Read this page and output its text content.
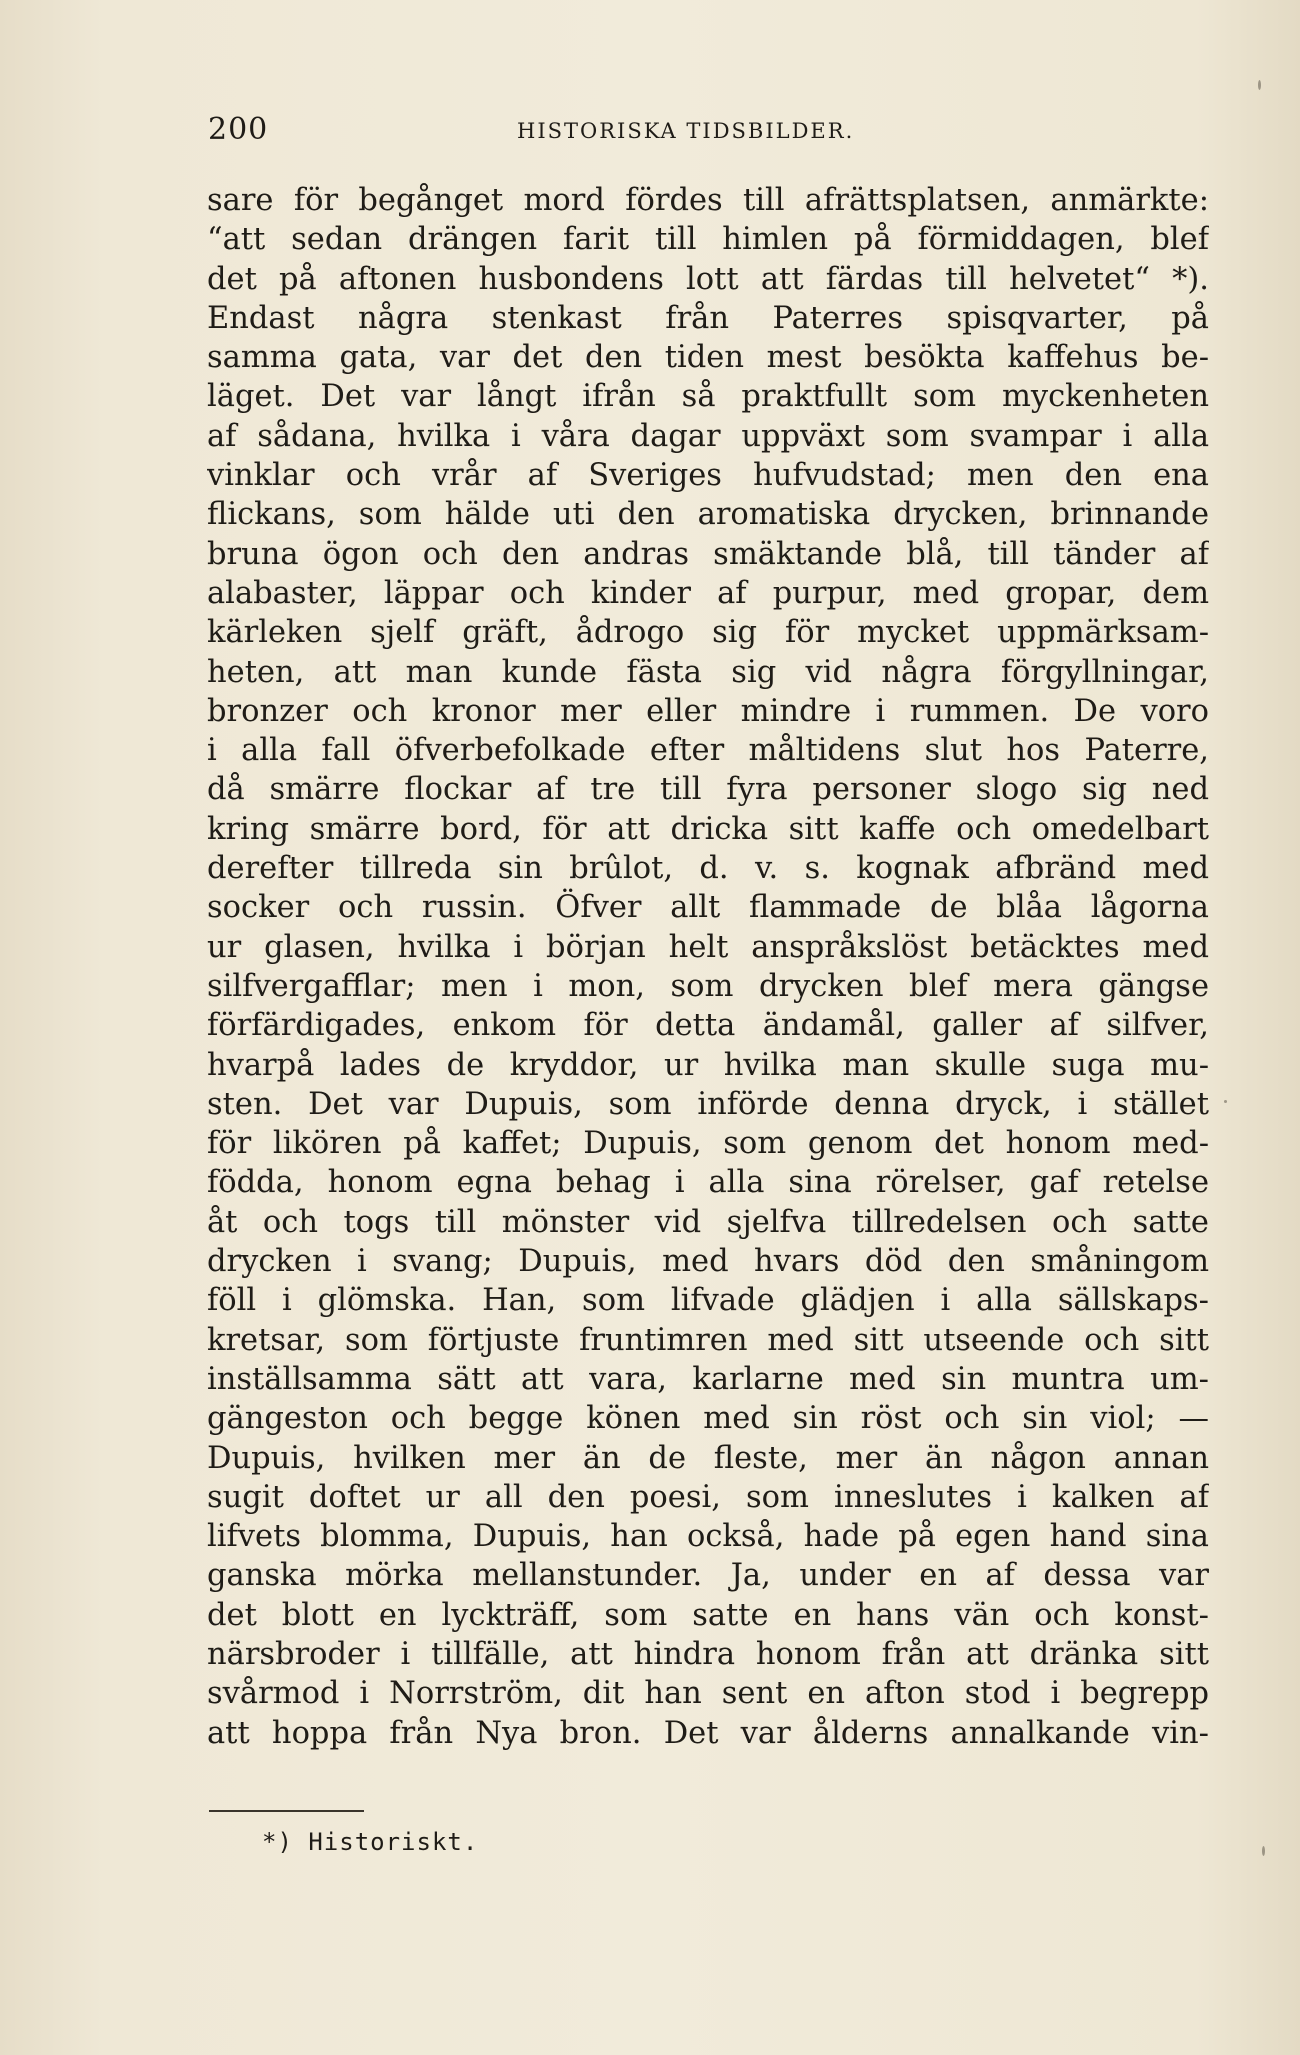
200	HISTORISKA TIDSBILDER.
sare för begånget mord fördes till afrättsplatsen, anmärkte:
“att sedan drängen farit till himlen på förmiddagen, blef
det på aftonen husbondens lott att färdas till helvetet“ *).
Endast några stenkast från Paterres spisqvarter, på
samma gata, var det den tiden mest besökta kaffehus be-
läget. Det var långt ifrån så praktfullt som myckenheten
af sådana, hvilka i våra dagar uppväxt som svampar i alla
vinklar och vrår af Sveriges hufvudstad; men den ena
flickans, som hälde uti den aromatiska drycken, brinnande
bruna ögon och den andras smäktande blå, till tänder af
alabaster, läppar och kinder af purpur, med gropar, dem
kärleken sjelf gräft, ådrogo sig för mycket uppmärksam-
heten, att man kunde fästa sig vid några förgyllningar,
bronzer och kronor mer eller mindre i rummen. De voro
i alla fall öfverbefolkade efter måltidens slut hos Paterre,
då smärre flockar af tre till fyra personer slogo sig ned
kring smärre bord, för att dricka sitt kaffe och omedelbart
derefter tillreda sin brûlot, d. v. s. kognak afbränd med
socker och russin. Öfver allt flammade de blåa lågorna
ur glasen, hvilka i början helt anspråkslöst betäcktes med
silfvergafflar; men i mon, som drycken blef mera gängse
förfärdigades, enkom för detta ändamål, galler af silfver,
hvarpå lades de kryddor, ur hvilka man skulle suga mu-
sten. Det var Dupuis, som införde denna dryck, i stället
för likören på kaffet; Dupuis, som genom det honom med-
födda, honom egna behag i alla sina rörelser, gaf retelse
åt och togs till mönster vid sjelfva tillredelsen och satte
drycken i svang; Dupuis, med hvars död den småningom
föll i glömska. Han, som lifvade glädjen i alla sällskaps-
kretsar, som förtjuste fruntimren med sitt utseende och sitt
inställsamma sätt att vara, karlarne med sin muntra um-
gängeston och begge könen med sin röst och sin viol; —
Dupuis, hvilken mer än de fleste, mer än någon annan
sugit doftet ur all den poesi, som inneslutes i kalken af
lifvets blomma, Dupuis, han också, hade på egen hand sina
ganska mörka mellanstunder. Ja, under en af dessa var
det blott en lyckträff, som satte en hans vän och konst-
närsbroder i tillfälle, att hindra honom från att dränka sitt
svårmod i Norrström, dit han sent en afton stod i begrepp
att hoppa från Nya bron. Det var ålderns annalkande vin-
*) Historiskt.
